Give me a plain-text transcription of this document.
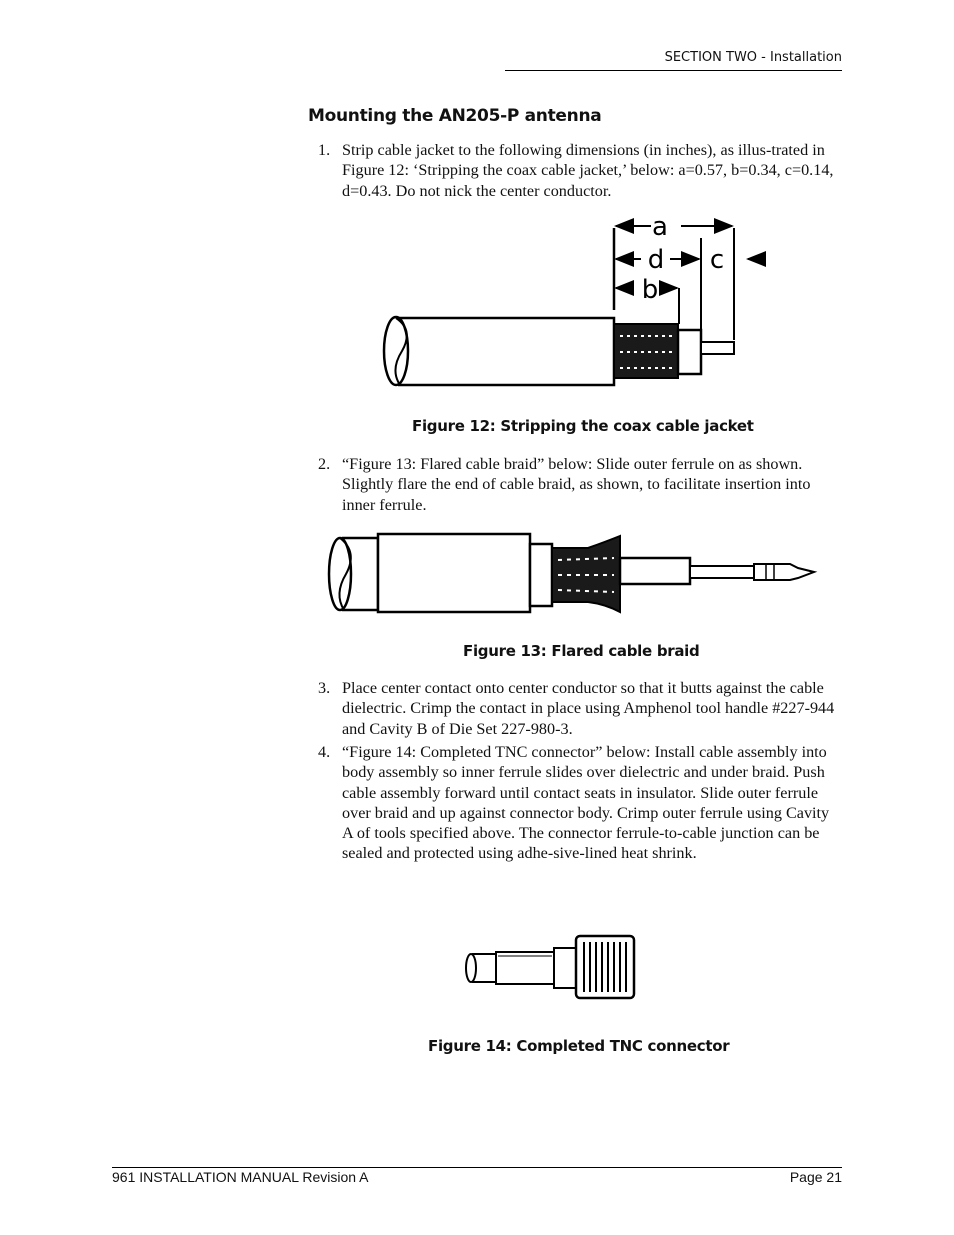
SECTION TWO - Installation
Mounting the AN205-P antenna
1. Strip cable jacket to the following dimensions (in inches), as illus-trated in Figure 12: ‘Stripping the coax cable jacket,’ below: a=0.57, b=0.34, c=0.14, d=0.43. Do not nick the center conductor.
a
d c
b
Figure 12: Stripping the coax cable jacket
2. “Figure 13: Flared cable braid” below: Slide outer ferrule on as shown. Slightly flare the end of cable braid, as shown, to facilitate insertion into inner ferrule.
Figure 13: Flared cable braid
3. Place center contact onto center conductor so that it butts against the cable dielectric. Crimp the contact in place using Amphenol tool handle #227-944 and Cavity B of Die Set 227-980-3.
4. “Figure 14: Completed TNC connector” below: Install cable assembly into body assembly so inner ferrule slides over dielectric and under braid. Push cable assembly forward until contact seats in insulator. Slide outer ferrule over braid and up against connector body. Crimp outer ferrule using Cavity A of tools specified above. The connector ferrule-to-cable junction can be sealed and protected using adhe-sive-lined heat shrink.
Figure 14: Completed TNC connector
961 INSTALLATION MANUAL Revision A	Page 21
